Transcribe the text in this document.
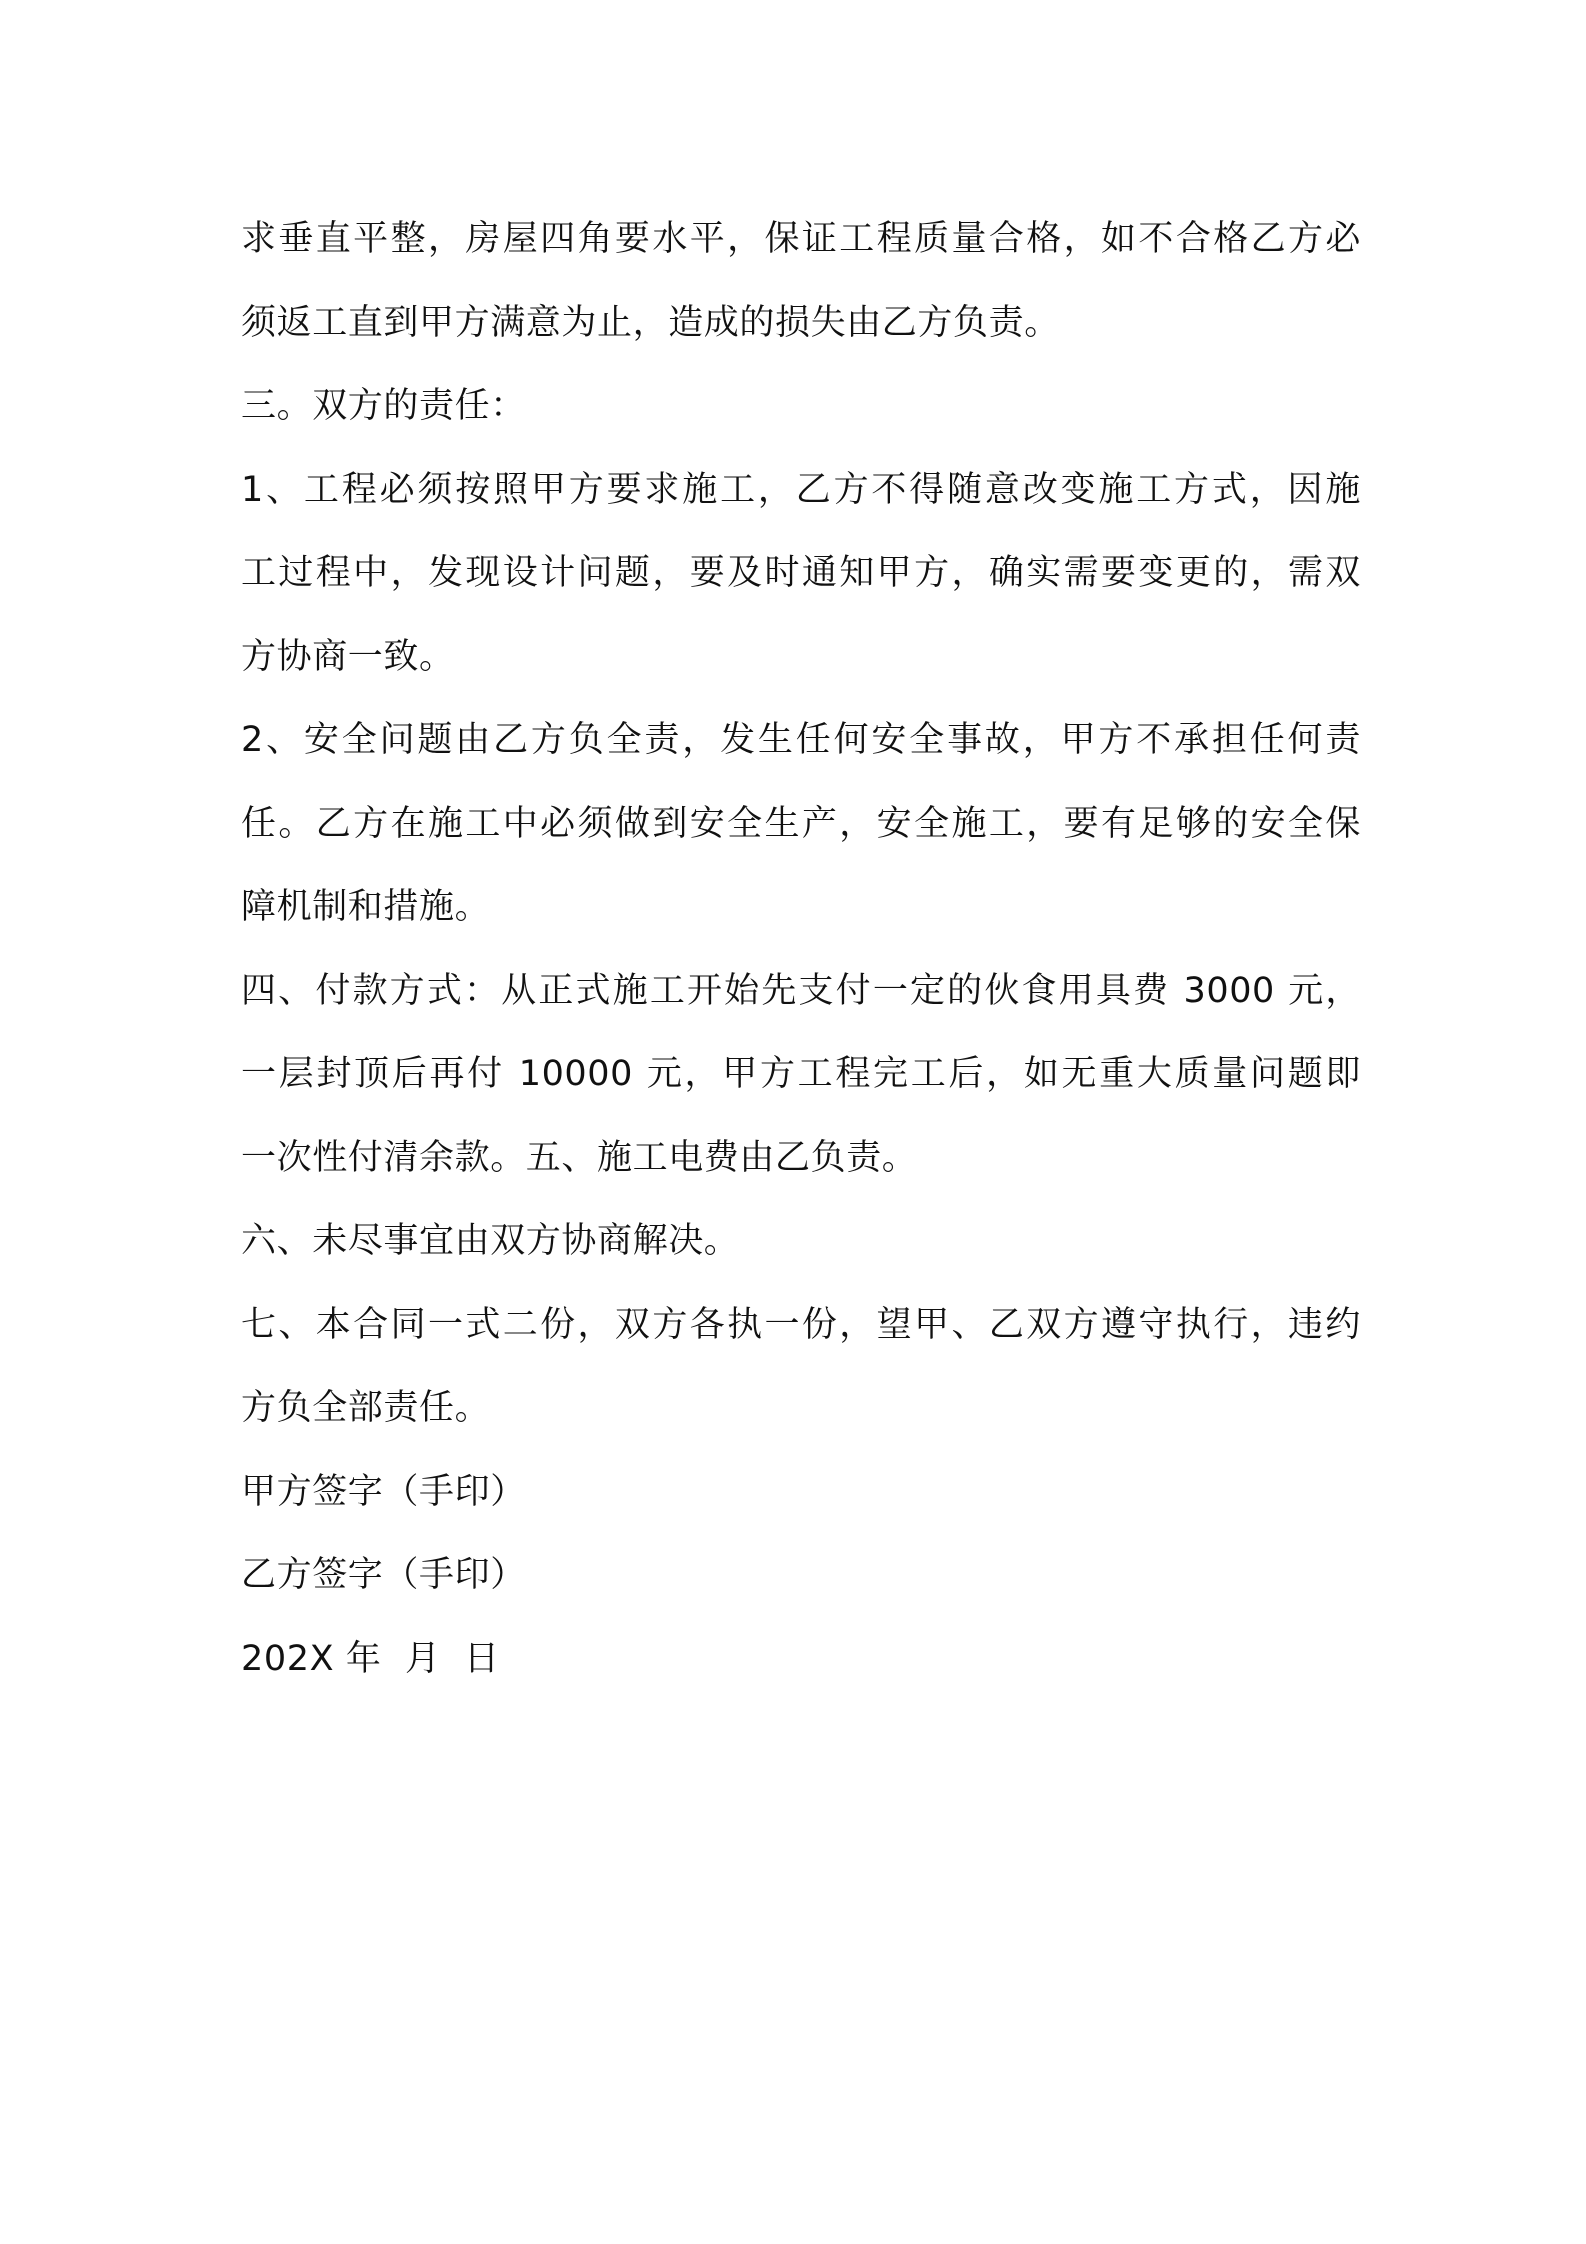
求垂直平整，房屋四角要水平，保证工程质量合格，如不合格乙方必
须返工直到甲方满意为止，造成的损失由乙方负责。
三。双方的责任：
1、工程必须按照甲方要求施工，乙方不得随意改变施工方式，因施
工过程中，发现设计问题，要及时通知甲方，确实需要变更的，需双
方协商一致。
2、安全问题由乙方负全责，发生任何安全事故，甲方不承担任何责
任。乙方在施工中必须做到安全生产，安全施工，要有足够的安全保
障机制和措施。
四、付款方式：从正式施工开始先支付一定的伙食用具费 3000 元，
一层封顶后再付 10000 元，甲方工程完工后，如无重大质量问题即
一次性付清余款。五、施工电费由乙负责。
六、未尽事宜由双方协商解决。
七、本合同一式二份，双方各执一份，望甲、乙双方遵守执行，违约
方负全部责任。
甲方签字（手印）
乙方签字（手印）
202X 年  月  日
